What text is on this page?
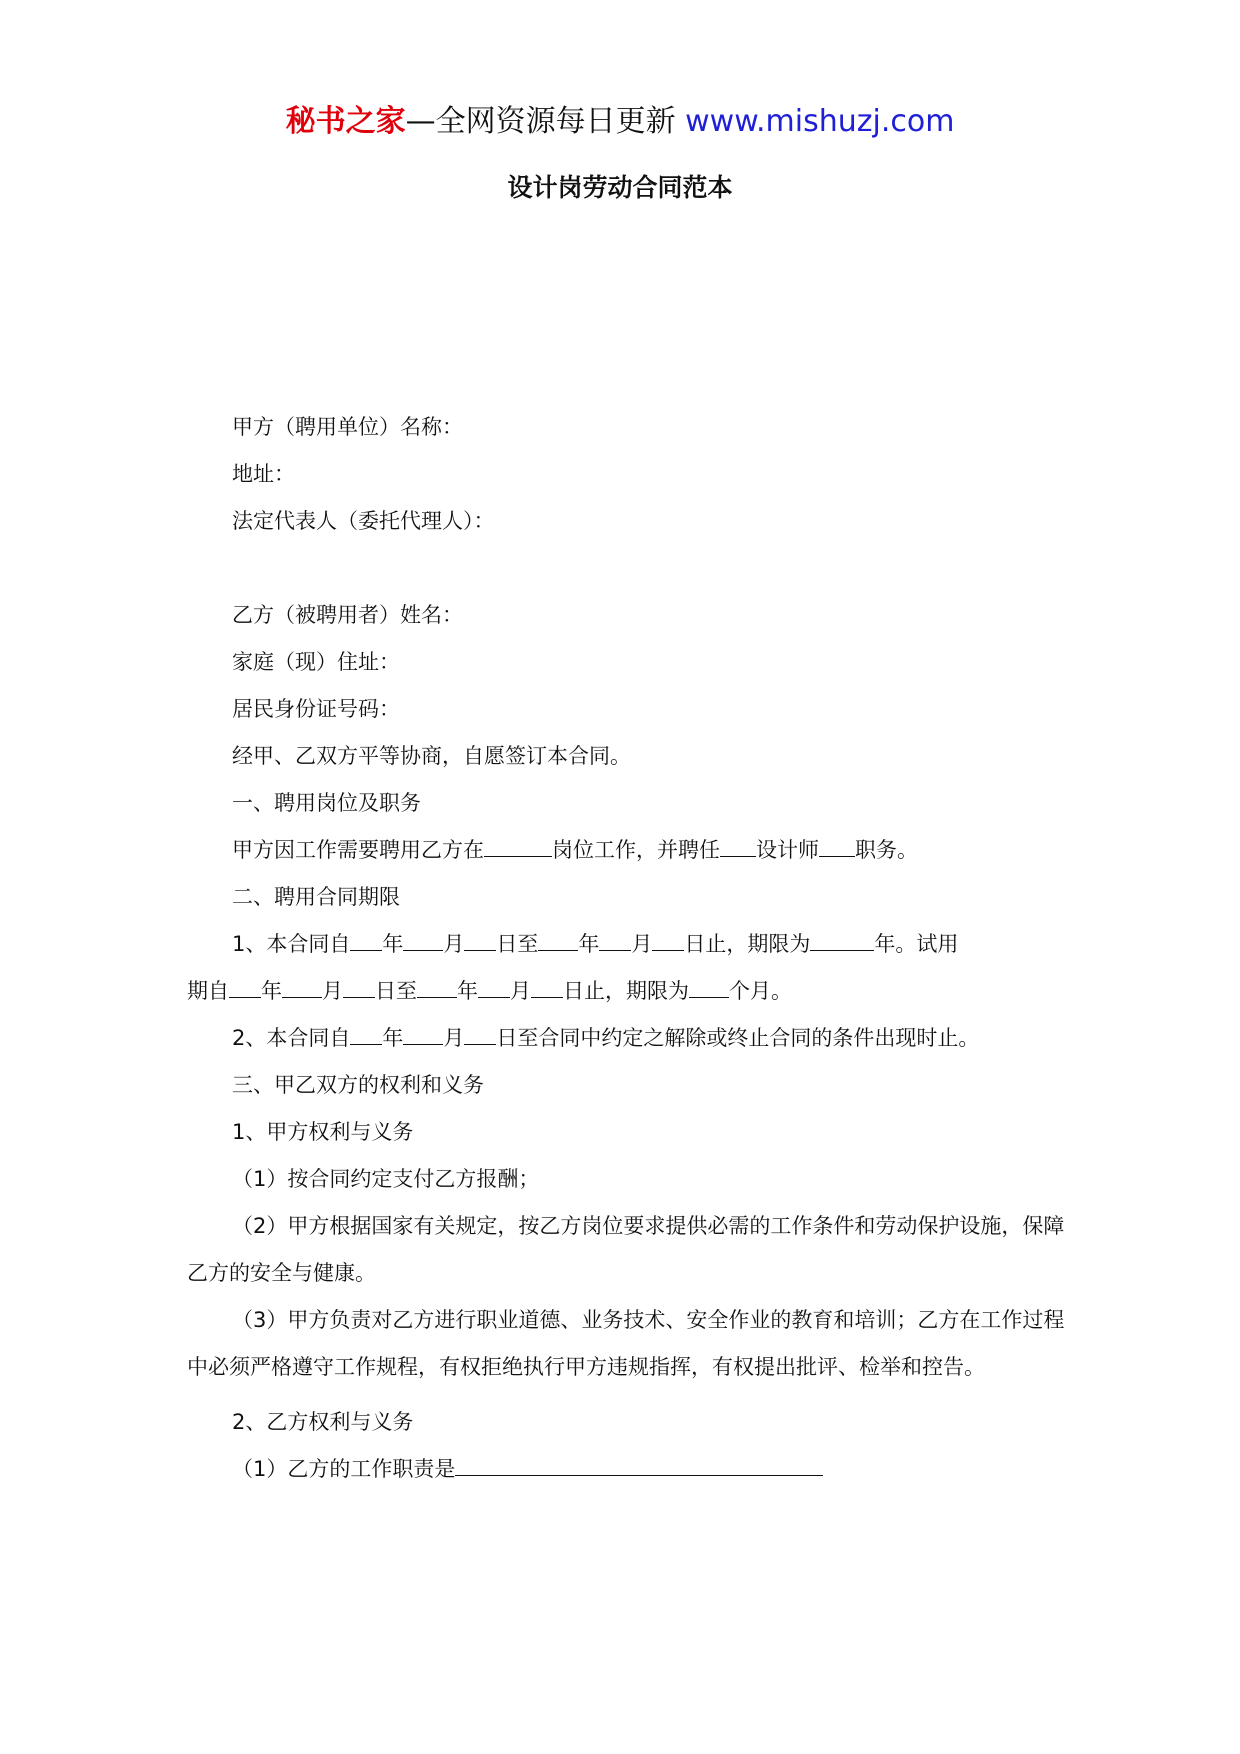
秘书之家—全网资源每日更新 www.mishuzj.com
设计岗劳动合同范本
甲方（聘用单位）名称：
地址：
法定代表人（委托代理人）：
乙方（被聘用者）姓名：
家庭（现）住址：
居民身份证号码：
经甲、乙双方平等协商，自愿签订本合同。
一、聘用岗位及职务
甲方因工作需要聘用乙方在	岗位工作，并聘任 设计师 职务。
二、聘用合同期限
1、本合同自 年 月 日至 年 月 日止，期限为	年。试用
期自 年 月 日至 年 月 日止，期限为 个月。
2、本合同自 年 月 日至合同中约定之解除或终止合同的条件出现时止。
三、甲乙双方的权利和义务
1、甲方权利与义务
（1）按合同约定支付乙方报酬；
（2）甲方根据国家有关规定，按乙方岗位要求提供必需的工作条件和劳动保护设施，保障乙方的安全与健康。
（3）甲方负责对乙方进行职业道德、业务技术、安全作业的教育和培训；乙方在工作过程中必须严格遵守工作规程，有权拒绝执行甲方违规指挥，有权提出批评、检举和控告。
2、乙方权利与义务
（1）乙方的工作职责是
